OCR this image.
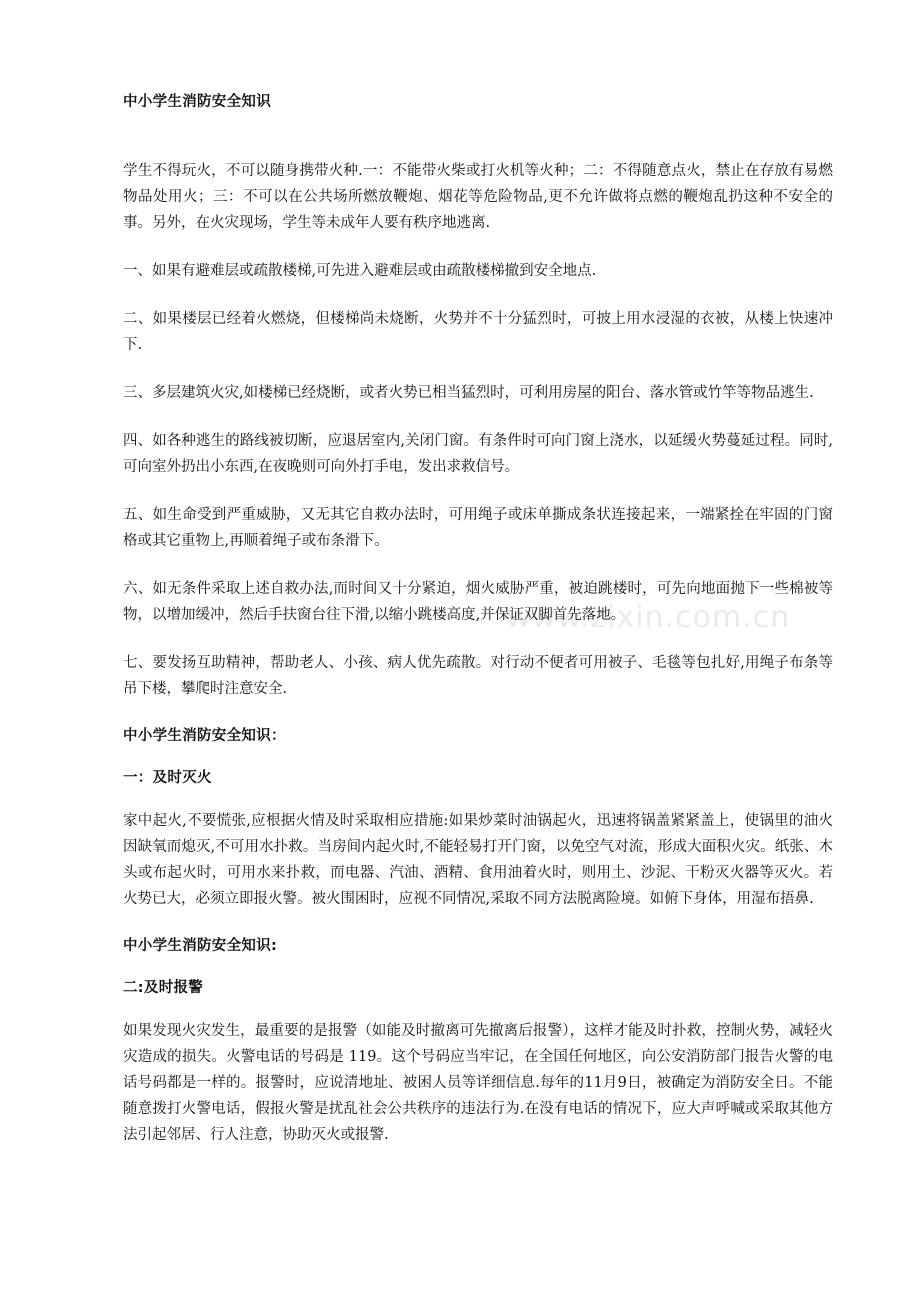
中小学生消防安全知识

学生不得玩火，不可以随身携带火种.一：不能带火柴或打火机等火种；二：不得随意点火，禁止在存放有易燃物品处用火；三：不可以在公共场所燃放鞭炮、烟花等危险物品,更不允许做将点燃的鞭炮乱扔这种不安全的事。另外，在火灾现场，学生等未成年人要有秩序地逃离.

一、如果有避难层或疏散楼梯,可先进入避难层或由疏散楼梯撤到安全地点.

二、如果楼层已经着火燃烧，但楼梯尚未烧断，火势并不十分猛烈时，可披上用水浸湿的衣被，从楼上快速冲下.

三、多层建筑火灾,如楼梯已经烧断，或者火势已相当猛烈时，可利用房屋的阳台、落水管或竹竿等物品逃生.

四、如各种逃生的路线被切断，应退居室内,关闭门窗。有条件时可向门窗上浇水，以延缓火势蔓延过程。同时,可向室外扔出小东西,在夜晚则可向外打手电，发出求救信号。

五、如生命受到严重威胁，又无其它自救办法时，可用绳子或床单撕成条状连接起来，一端紧拴在牢固的门窗格或其它重物上,再顺着绳子或布条滑下。

六、如无条件采取上述自救办法,而时间又十分紧迫，烟火威胁严重，被迫跳楼时，可先向地面抛下一些棉被等物，以增加缓冲，然后手扶窗台往下滑,以缩小跳楼高度,并保证双脚首先落地。

七、要发扬互助精神，帮助老人、小孩、病人优先疏散。对行动不便者可用被子、毛毯等包扎好,用绳子布条等吊下楼，攀爬时注意安全.

中小学生消防安全知识：

一：及时灭火

家中起火,不要慌张,应根据火情及时采取相应措施:如果炒菜时油锅起火，迅速将锅盖紧紧盖上，使锅里的油火因缺氧而熄灭,不可用水扑救。当房间内起火时,不能轻易打开门窗，以免空气对流，形成大面积火灾。纸张、木头或布起火时，可用水来扑救，而电器、汽油、酒精、食用油着火时，则用土、沙泥、干粉灭火器等灭火。若火势已大，必须立即报火警。被火围困时，应视不同情况,采取不同方法脱离险境。如俯下身体，用湿布捂鼻.

中小学生消防安全知识:

二:及时报警

如果发现火灾发生，最重要的是报警（如能及时撤离可先撤离后报警），这样才能及时扑救，控制火势，减轻火灾造成的损失。火警电话的号码是 119。这个号码应当牢记，在全国任何地区，向公安消防部门报告火警的电话号码都是一样的。报警时，应说清地址、被困人员等详细信息.每年的11月9日，被确定为消防安全日。不能随意拨打火警电话，假报火警是扰乱社会公共秩序的违法行为.在没有电话的情况下，应大声呼喊或采取其他方法引起邻居、行人注意，协助灭火或报警.

www.zixin.com.cn
